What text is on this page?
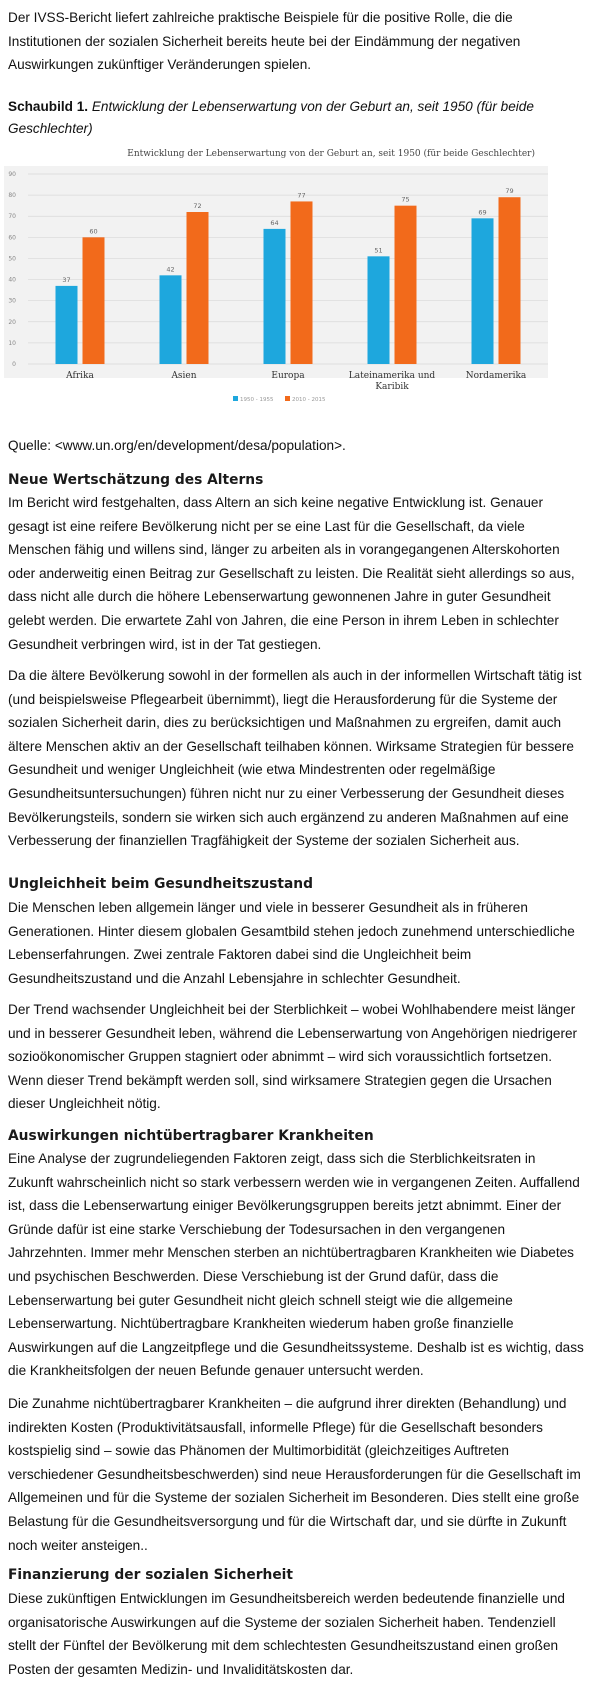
Der IVSS-Bericht liefert zahlreiche praktische Beispiele für die positive Rolle, die die Institutionen der sozialen Sicherheit bereits heute bei der Eindämmung der negativen Auswirkungen zukünftiger Veränderungen spielen.

Schaubild 1. Entwicklung der Lebenserwartung von der Geburt an, seit 1950 (für beide Geschlechter)

Entwicklung der Lebenserwartung von der Geburt an, seit 1950 (für beide Geschlechter)
0
10
20
30
40
50
60
70
80
90
37
60
Afrika
42
72
Asien
64
77
Europa
51
75
Lateinamerika und
Karibik
69
79
Nordamerika
1950 - 1955	2010 - 2015

Quelle: <www.un.org/en/development/desa/population>.

Neue Wertschätzung des Alterns

Im Bericht wird festgehalten, dass Altern an sich keine negative Entwicklung ist. Genauer gesagt ist eine reifere Bevölkerung nicht per se eine Last für die Gesellschaft, da viele Menschen fähig und willens sind, länger zu arbeiten als in vorangegangenen Alterskohorten oder anderweitig einen Beitrag zur Gesellschaft zu leisten. Die Realität sieht allerdings so aus, dass nicht alle durch die höhere Lebenserwartung gewonnenen Jahre in guter Gesundheit gelebt werden. Die erwartete Zahl von Jahren, die eine Person in ihrem Leben in schlechter Gesundheit verbringen wird, ist in der Tat gestiegen.

Da die ältere Bevölkerung sowohl in der formellen als auch in der informellen Wirtschaft tätig ist (und beispielsweise Pflegearbeit übernimmt), liegt die Herausforderung für die Systeme der sozialen Sicherheit darin, dies zu berücksichtigen und Maßnahmen zu ergreifen, damit auch ältere Menschen aktiv an der Gesellschaft teilhaben können. Wirksame Strategien für bessere Gesundheit und weniger Ungleichheit (wie etwa Mindestrenten oder regelmäßige Gesundheitsuntersuchungen) führen nicht nur zu einer Verbesserung der Gesundheit dieses Bevölkerungsteils, sondern sie wirken sich auch ergänzend zu anderen Maßnahmen auf eine Verbesserung der finanziellen Tragfähigkeit der Systeme der sozialen Sicherheit aus.

Ungleichheit beim Gesundheitszustand

Die Menschen leben allgemein länger und viele in besserer Gesundheit als in früheren Generationen. Hinter diesem globalen Gesamtbild stehen jedoch zunehmend unterschiedliche Lebenserfahrungen. Zwei zentrale Faktoren dabei sind die Ungleichheit beim Gesundheitszustand und die Anzahl Lebensjahre in schlechter Gesundheit.

Der Trend wachsender Ungleichheit bei der Sterblichkeit – wobei Wohlhabendere meist länger und in besserer Gesundheit leben, während die Lebenserwartung von Angehörigen niedrigerer sozioökonomischer Gruppen stagniert oder abnimmt – wird sich voraussichtlich fortsetzen. Wenn dieser Trend bekämpft werden soll, sind wirksamere Strategien gegen die Ursachen dieser Ungleichheit nötig.

Auswirkungen nichtübertragbarer Krankheiten

Eine Analyse der zugrundeliegenden Faktoren zeigt, dass sich die Sterblichkeitsraten in Zukunft wahrscheinlich nicht so stark verbessern werden wie in vergangenen Zeiten. Auffallend ist, dass die Lebenserwartung einiger Bevölkerungsgruppen bereits jetzt abnimmt. Einer der Gründe dafür ist eine starke Verschiebung der Todesursachen in den vergangenen Jahrzehnten. Immer mehr Menschen sterben an nichtübertragbaren Krankheiten wie Diabetes und psychischen Beschwerden. Diese Verschiebung ist der Grund dafür, dass die Lebenserwartung bei guter Gesundheit nicht gleich schnell steigt wie die allgemeine Lebenserwartung. Nichtübertragbare Krankheiten wiederum haben große finanzielle Auswirkungen auf die Langzeitpflege und die Gesundheitssysteme. Deshalb ist es wichtig, dass die Krankheitsfolgen der neuen Befunde genauer untersucht werden.

Die Zunahme nichtübertragbarer Krankheiten – die aufgrund ihrer direkten (Behandlung) und indirekten Kosten (Produktivitätsausfall, informelle Pflege) für die Gesellschaft besonders kostspielig sind – sowie das Phänomen der Multimorbidität (gleichzeitiges Auftreten verschiedener Gesundheitsbeschwerden) sind neue Herausforderungen für die Gesellschaft im Allgemeinen und für die Systeme der sozialen Sicherheit im Besonderen. Dies stellt eine große Belastung für die Gesundheitsversorgung und für die Wirtschaft dar, und sie dürfte in Zukunft noch weiter ansteigen..

Finanzierung der sozialen Sicherheit

Diese zukünftigen Entwicklungen im Gesundheitsbereich werden bedeutende finanzielle und organisatorische Auswirkungen auf die Systeme der sozialen Sicherheit haben. Tendenziell stellt der Fünftel der Bevölkerung mit dem schlechtesten Gesundheitszustand einen großen Posten der gesamten Medizin- und Invaliditätskosten dar.
